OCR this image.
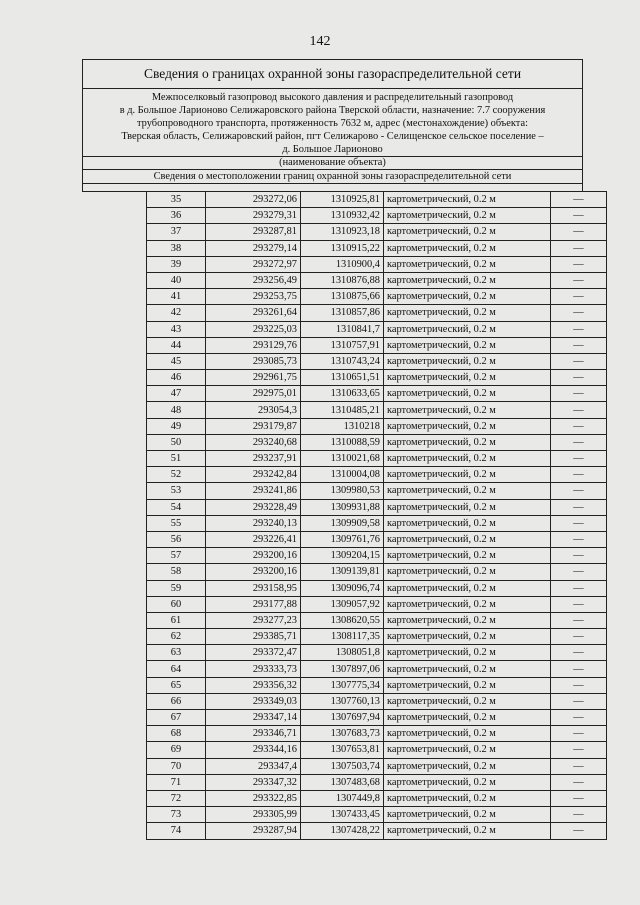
142
Сведения о границах охранной зоны газораспределительной сети
Межпоселковый газопровод высокого давления и распределительный газопровод
в д. Большое Ларионово Селижаровского района Тверской области, назначение: 7.7 сооружения
трубопроводного транспорта, протяженность 7632 м, адрес (местонахождение) объекта:
Тверская область, Селижаровский район, пгт Селижарово - Селищенское сельское поселение –
д. Большое Ларионово
(наименование объекта)
Сведения о местоположении границ охранной зоны газораспределительной сети
35	293272,06	1310925,81	картометрический, 0.2 м	—
36	293279,31	1310932,42	картометрический, 0.2 м	—
37	293287,81	1310923,18	картометрический, 0.2 м	—
38	293279,14	1310915,22	картометрический, 0.2 м	—
39	293272,97	1310900,4	картометрический, 0.2 м	—
40	293256,49	1310876,88	картометрический, 0.2 м	—
41	293253,75	1310875,66	картометрический, 0.2 м	—
42	293261,64	1310857,86	картометрический, 0.2 м	—
43	293225,03	1310841,7	картометрический, 0.2 м	—
44	293129,76	1310757,91	картометрический, 0.2 м	—
45	293085,73	1310743,24	картометрический, 0.2 м	—
46	292961,75	1310651,51	картометрический, 0.2 м	—
47	292975,01	1310633,65	картометрический, 0.2 м	—
48	293054,3	1310485,21	картометрический, 0.2 м	—
49	293179,87	1310218	картометрический, 0.2 м	—
50	293240,68	1310088,59	картометрический, 0.2 м	—
51	293237,91	1310021,68	картометрический, 0.2 м	—
52	293242,84	1310004,08	картометрический, 0.2 м	—
53	293241,86	1309980,53	картометрический, 0.2 м	—
54	293228,49	1309931,88	картометрический, 0.2 м	—
55	293240,13	1309909,58	картометрический, 0.2 м	—
56	293226,41	1309761,76	картометрический, 0.2 м	—
57	293200,16	1309204,15	картометрический, 0.2 м	—
58	293200,16	1309139,81	картометрический, 0.2 м	—
59	293158,95	1309096,74	картометрический, 0.2 м	—
60	293177,88	1309057,92	картометрический, 0.2 м	—
61	293277,23	1308620,55	картометрический, 0.2 м	—
62	293385,71	1308117,35	картометрический, 0.2 м	—
63	293372,47	1308051,8	картометрический, 0.2 м	—
64	293333,73	1307897,06	картометрический, 0.2 м	—
65	293356,32	1307775,34	картометрический, 0.2 м	—
66	293349,03	1307760,13	картометрический, 0.2 м	—
67	293347,14	1307697,94	картометрический, 0.2 м	—
68	293346,71	1307683,73	картометрический, 0.2 м	—
69	293344,16	1307653,81	картометрический, 0.2 м	—
70	293347,4	1307503,74	картометрический, 0.2 м	—
71	293347,32	1307483,68	картометрический, 0.2 м	—
72	293322,85	1307449,8	картометрический, 0.2 м	—
73	293305,99	1307433,45	картометрический, 0.2 м	—
74	293287,94	1307428,22	картометрический, 0.2 м	—
